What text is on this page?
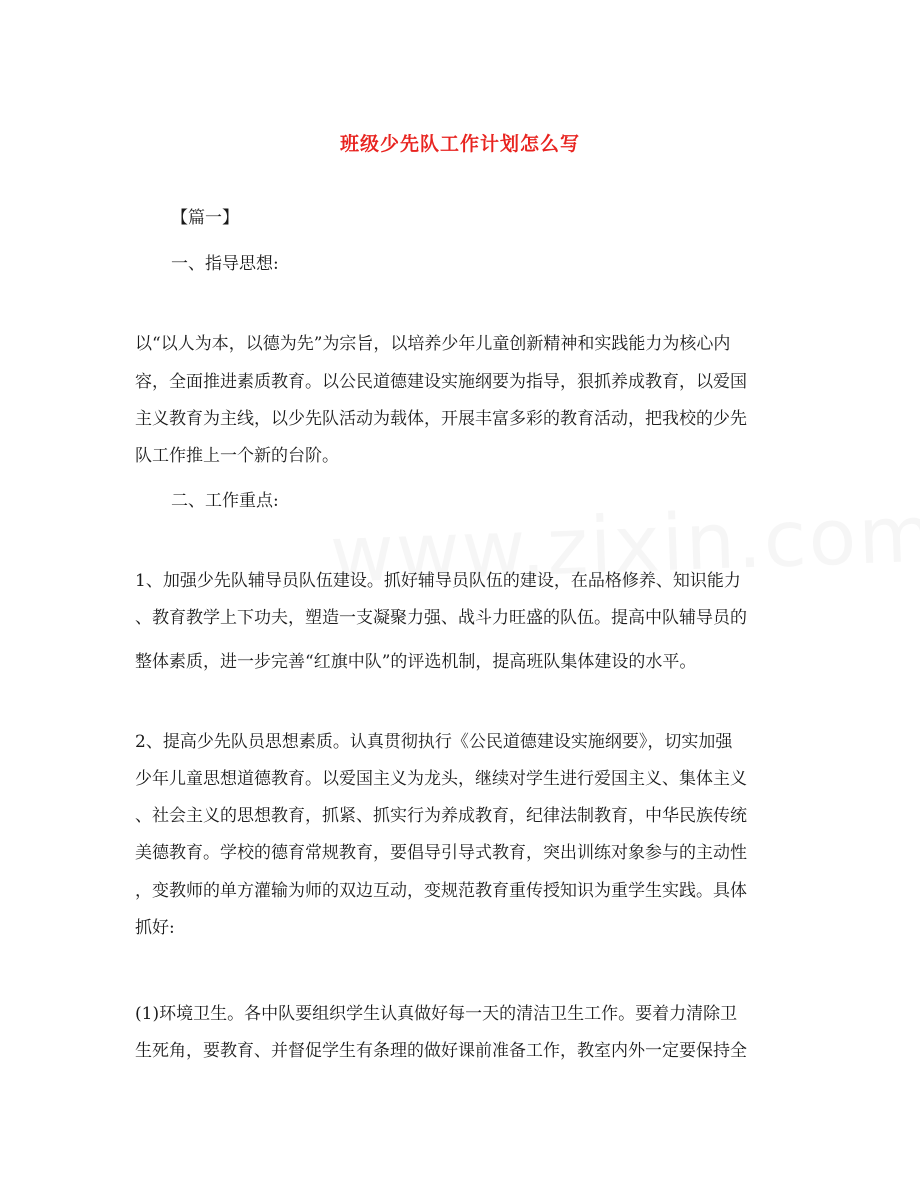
班级少先队工作计划怎么写
【篇一】
一、指导思想:
以“以人为本，以德为先”为宗旨，以培养少年儿童创新精神和实践能力为核心内
容，全面推进素质教育。以公民道德建设实施纲要为指导，狠抓养成教育，以爱国
主义教育为主线，以少先队活动为载体，开展丰富多彩的教育活动，把我校的少先
队工作推上一个新的台阶。
二、工作重点:
1、加强少先队辅导员队伍建设。抓好辅导员队伍的建设，在品格修养、知识能力
、教育教学上下功夫，塑造一支凝聚力强、战斗力旺盛的队伍。提高中队辅导员的
整体素质，进一步完善“红旗中队”的评选机制，提高班队集体建设的水平。
2、提高少先队员思想素质。认真贯彻执行《公民道德建设实施纲要》，切实加强
少年儿童思想道德教育。以爱国主义为龙头，继续对学生进行爱国主义、集体主义
、社会主义的思想教育，抓紧、抓实行为养成教育，纪律法制教育，中华民族传统
美德教育。学校的德育常规教育，要倡导引导式教育，突出训练对象参与的主动性
，变教师的单方灌输为师的双边互动，变规范教育重传授知识为重学生实践。具体
抓好:
(1)环境卫生。各中队要组织学生认真做好每一天的清洁卫生工作。要着力清除卫
生死角，要教育、并督促学生有条理的做好课前准备工作，教室内外一定要保持全
